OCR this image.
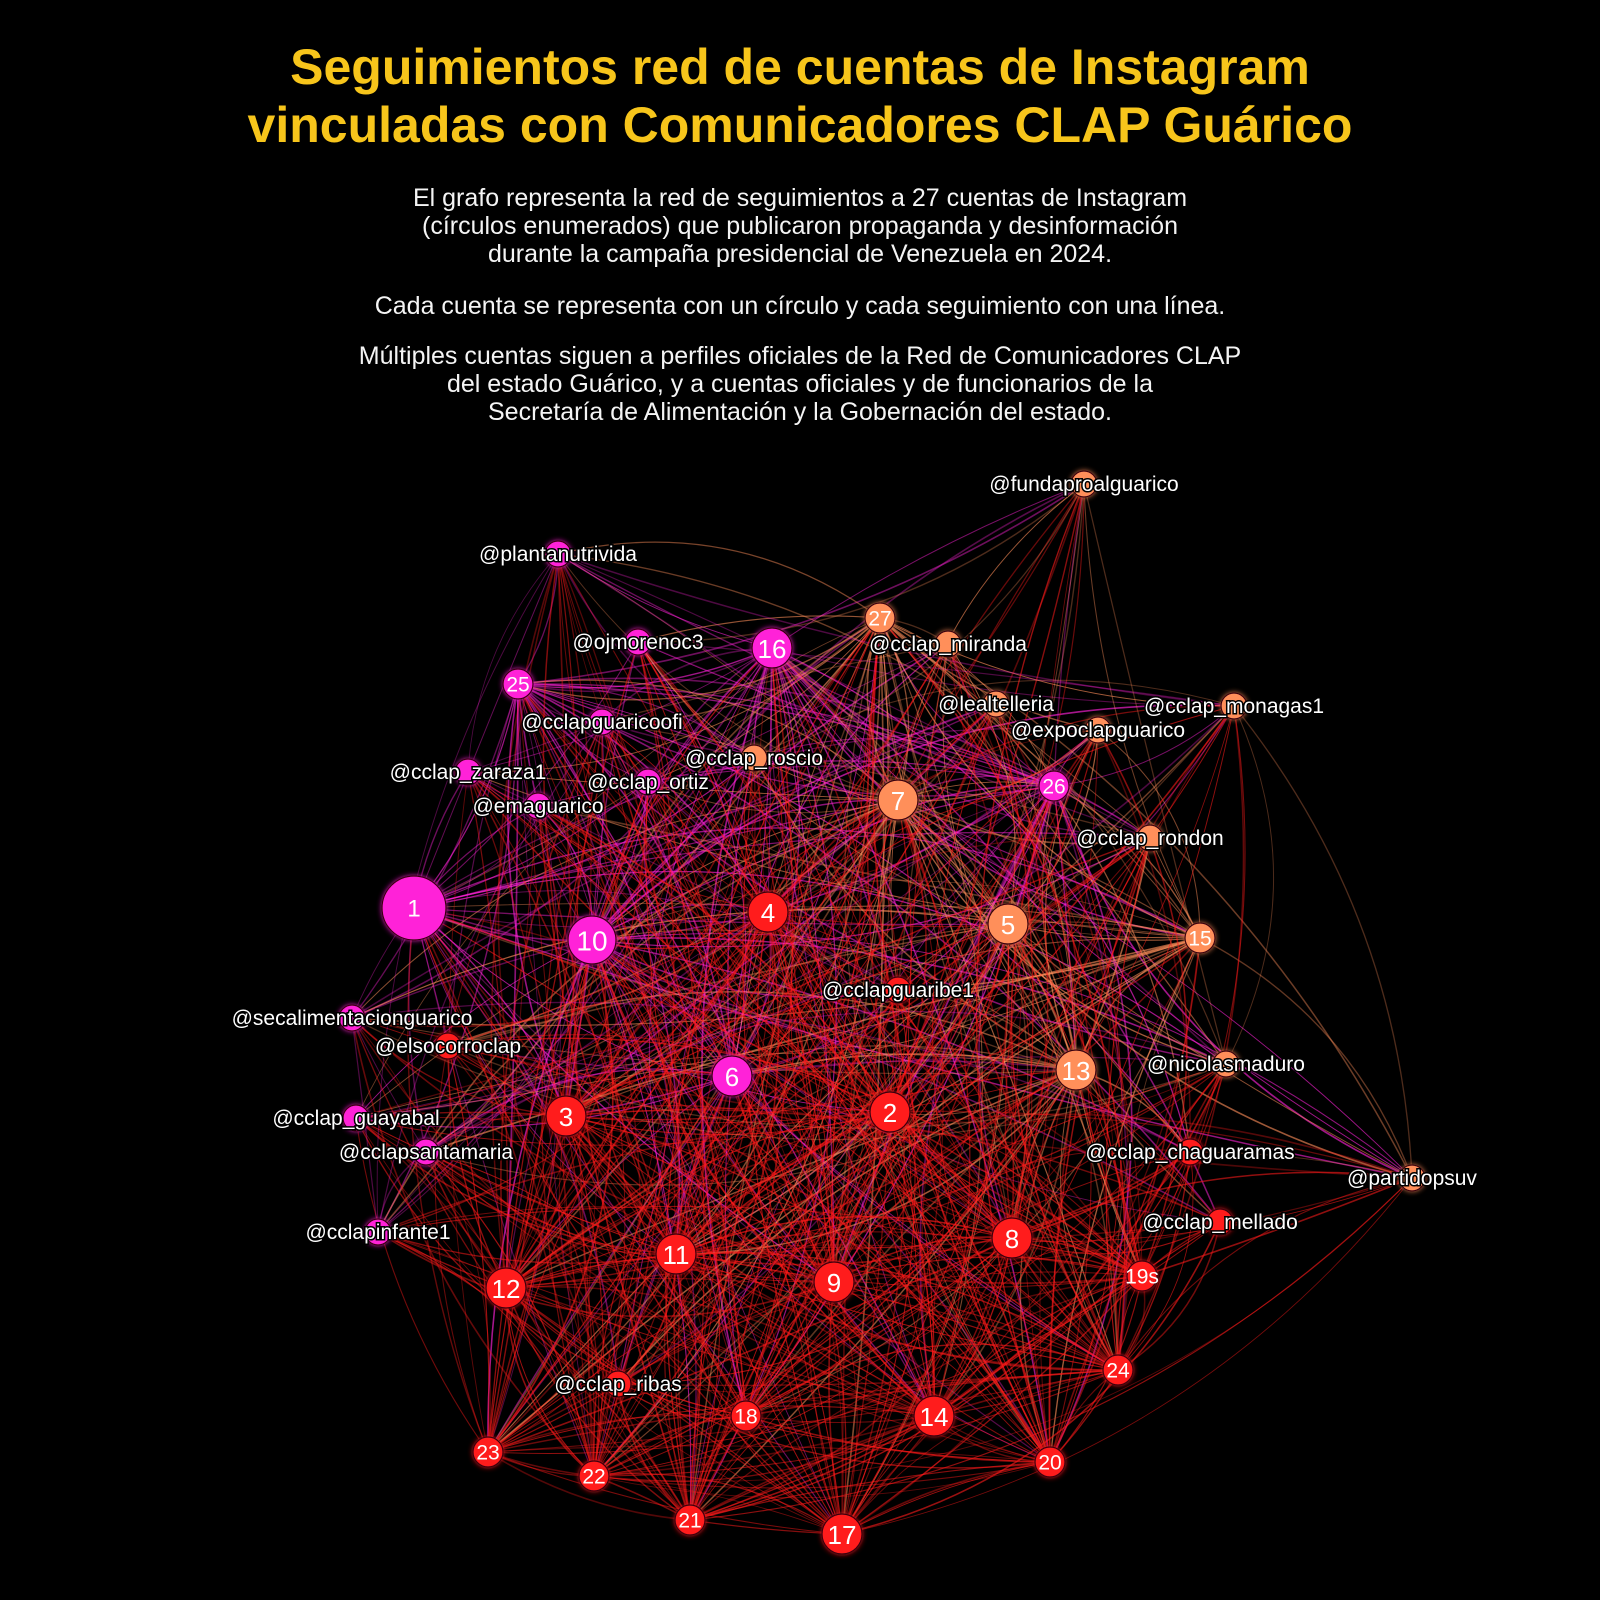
Seguimientos red de cuentas de Instagram
vinculadas con Comunicadores CLAP Guárico
El grafo representa la red de seguimientos a 27 cuentas de Instagram
(círculos enumerados) que publicaron propaganda y desinformación
durante la campaña presidencial de Venezuela en 2024.
Cada cuenta se representa con un círculo y cada seguimiento con una línea.
Múltiples cuentas siguen a perfiles oficiales de la Red de Comunicadores CLAP
del estado Guárico, y a cuentas oficiales y de funcionarios de la
Secretaría de Alimentación y la Gobernación del estado.
1
10
16
6
25
26
@plantanutrivida
@ojmorenoc3
@cclapguaricoofi
@cclap_zaraza1 @cclap_ortiz
@emaguarico
@secalimentacionguarico
@cclap_guayabal
@cclapsantamaria
@cclapinfante1
7
5
13
15
27
@fundaproalguarico
@cclap_miranda
@lealtelleria	@cclap_monagas1
@expoclapguarico
@cclap_roscio
@cclap_rondon
@nicolasmaduro
@partidopsuv
4
3	2
11
12	9
8
14
17
18
19s
20
21
22
23
24
@elsocorroclap
@cclapguaribe1
@cclap_chaguaramas
@cclap_mellado
@cclap_ribas
